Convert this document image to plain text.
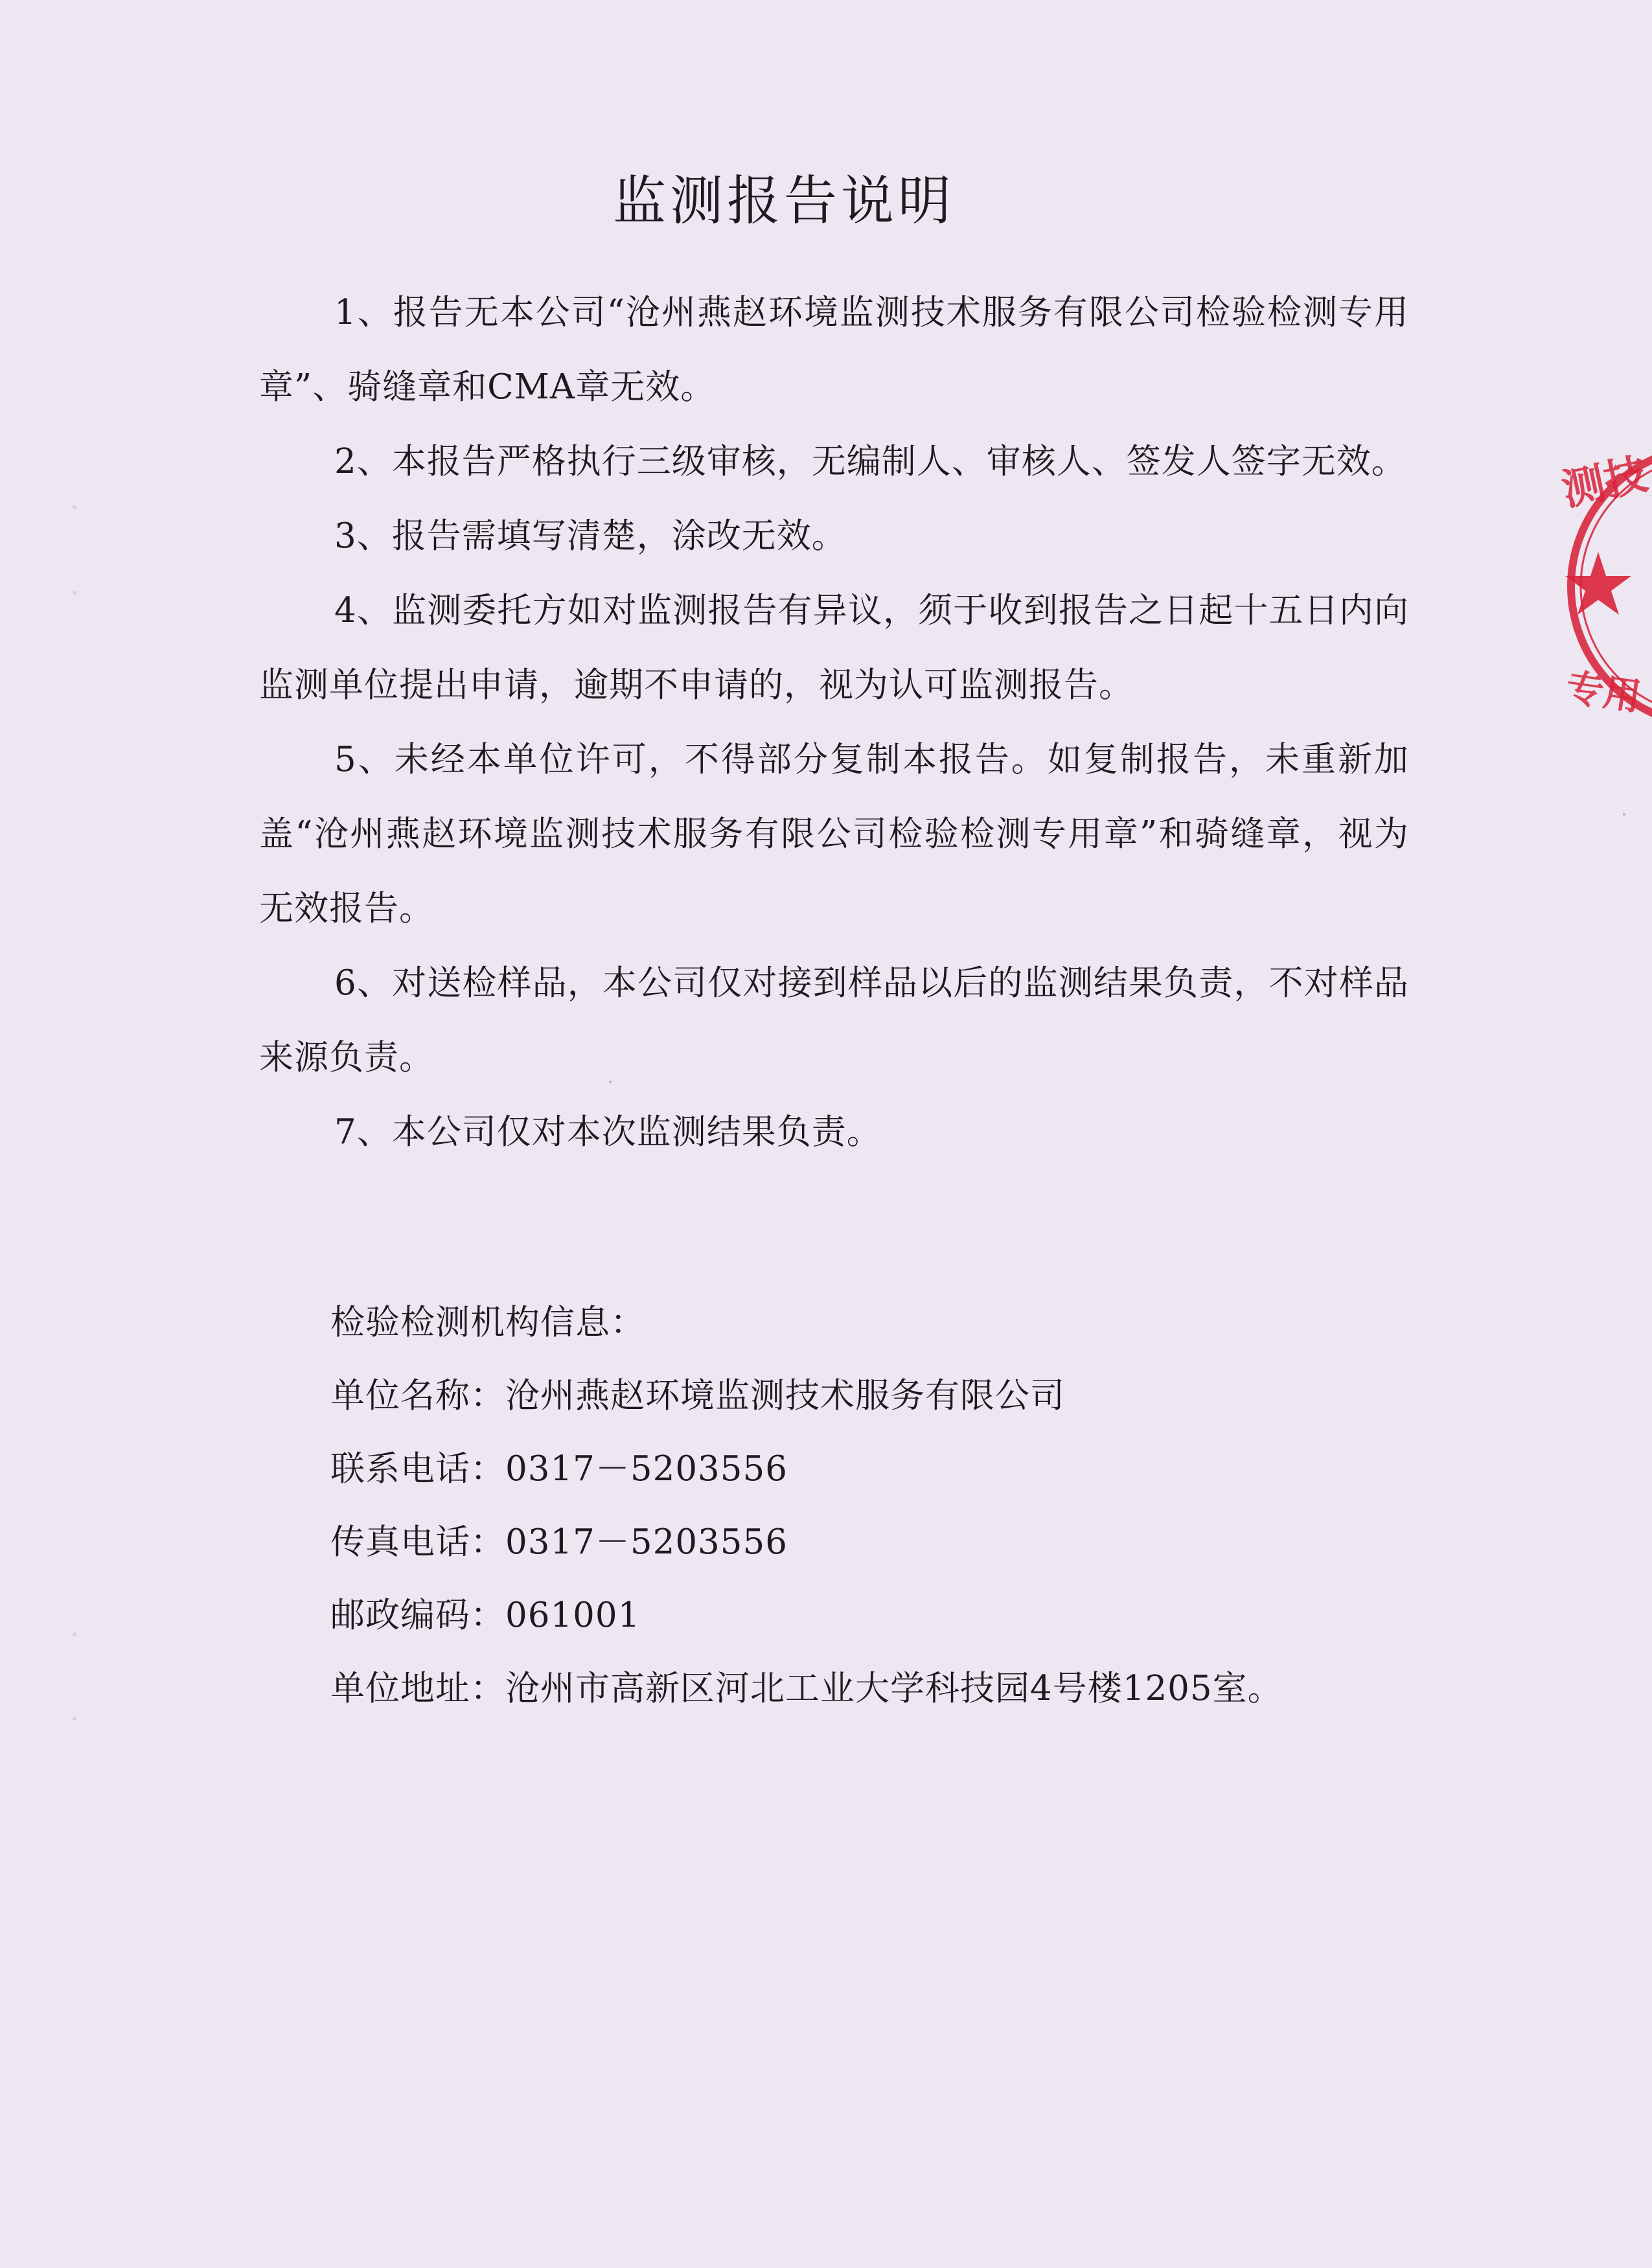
监测报告说明
1、报告无本公司“沧州燕赵环境监测技术服务有限公司检验检测专用章”、骑缝章和CMA章无效。
2、本报告严格执行三级审核，无编制人、审核人、签发人签字无效。
3、报告需填写清楚，涂改无效。
4、监测委托方如对监测报告有异议，须于收到报告之日起十五日内向监测单位提出申请，逾期不申请的，视为认可监测报告。
5、未经本单位许可，不得部分复制本报告。如复制报告，未重新加盖“沧州燕赵环境监测技术服务有限公司检验检测专用章”和骑缝章，视为无效报告。
6、对送检样品，本公司仅对接到样品以后的监测结果负责，不对样品来源负责。
7、本公司仅对本次监测结果负责。
检验检测机构信息：
单位名称：沧州燕赵环境监测技术服务有限公司
联系电话：0317－5203556
传真电话：0317－5203556
邮政编码：061001
单位地址：沧州市高新区河北工业大学科技园4号楼1205室。
测技
专用
